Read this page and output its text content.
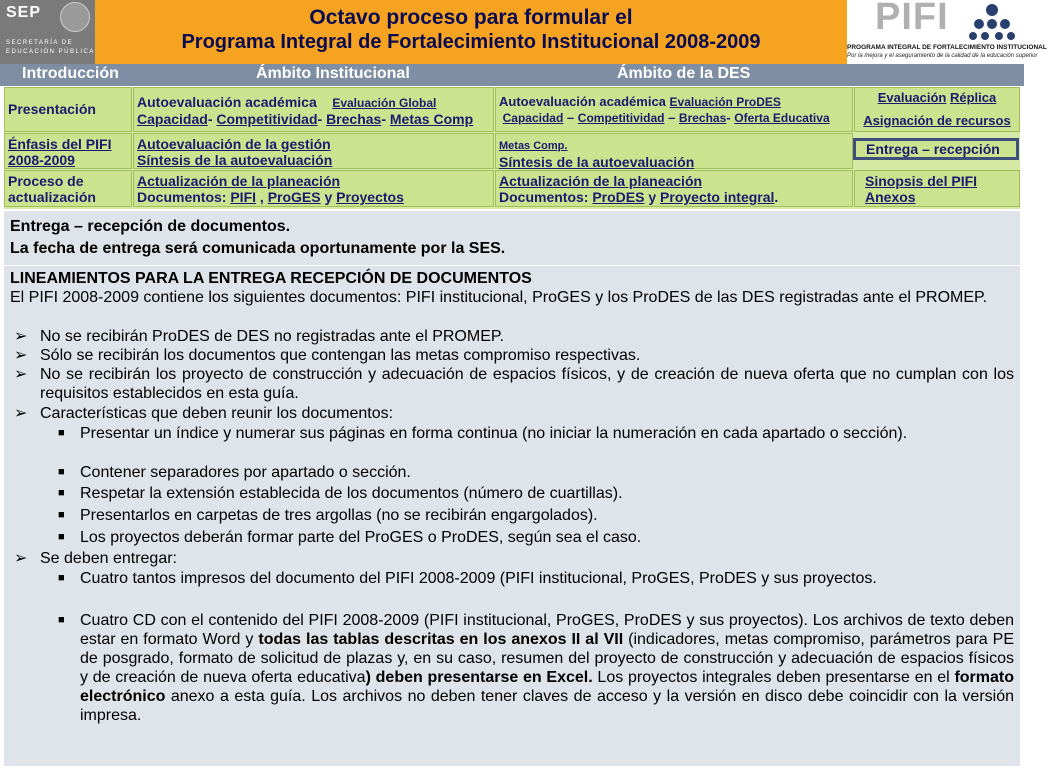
SEP
SECRETARÍA DE
EDUCACIÓN PÚBLICA
Octavo proceso para formular el
Programa Integral de Fortalecimiento Institucional 2008-2009
PIFI
PROGRAMA INTEGRAL DE FORTALECIMIENTO INSTITUCIONAL
Por la mejora y el aseguramiento de la calidad de la educación superior
Introducción	Ámbito Institucional	Ámbito de la DES
Presentación
Énfasis del PIFI 2008-2009
Proceso de actualización
Autoevaluación académica Evaluación Global
Capacidad- Competitividad- Brechas- Metas Comp
Autoevaluación de la gestión
Síntesis de la autoevaluación
Actualización de la planeación
Documentos: PIFI , ProGES y Proyectos
Autoevaluación académica Evaluación ProDES
Capacidad – Competitividad – Brechas- Oferta Educativa
Metas Comp.
Síntesis de la autoevaluación
Actualización de la planeación
Documentos: ProDES y Proyecto integral.
Evaluación Réplica
Asignación de recursos
Sinopsis del PIFI
Anexos
Entrega – recepción
Entrega – recepción de documentos.
La fecha de entrega será comunicada oportunamente por la SES.
LINEAMIENTOS PARA LA ENTREGA RECEPCIÓN DE DOCUMENTOS
El PIFI 2008-2009 contiene los siguientes documentos: PIFI institucional, ProGES y los ProDES de las DES registradas ante el PROMEP.
➢ No se recibirán ProDES de DES no registradas ante el PROMEP.
➢ Sólo se recibirán los documentos que contengan las metas compromiso respectivas.
➢ No se recibirán los proyecto de construcción y adecuación de espacios físicos, y de creación de nueva oferta que no cumplan con los requisitos establecidos en esta guía.
➢ Características que deben reunir los documentos:
■ Presentar un índice y numerar sus páginas en forma continua (no iniciar la numeración en cada apartado o sección).
■ Contener separadores por apartado o sección.
■ Respetar la extensión establecida de los documentos (número de cuartillas).
■ Presentarlos en carpetas de tres argollas (no se recibirán engargolados).
■ Los proyectos deberán formar parte del ProGES o ProDES, según sea el caso.
➢ Se deben entregar:
■ Cuatro tantos impresos del documento del PIFI 2008-2009 (PIFI institucional, ProGES, ProDES y sus proyectos.
■ Cuatro CD con el contenido del PIFI 2008-2009 (PIFI institucional, ProGES, ProDES y sus proyectos). Los archivos de texto deben estar en formato Word y todas las tablas descritas en los anexos II al VII (indicadores, metas compromiso, parámetros para PE de posgrado, formato de solicitud de plazas y, en su caso, resumen del proyecto de construcción y adecuación de espacios físicos y de creación de nueva oferta educativa) deben presentarse en Excel. Los proyectos integrales deben presentarse en el formato electrónico anexo a esta guía. Los archivos no deben tener claves de acceso y la versión en disco debe coincidir con la versión impresa.
